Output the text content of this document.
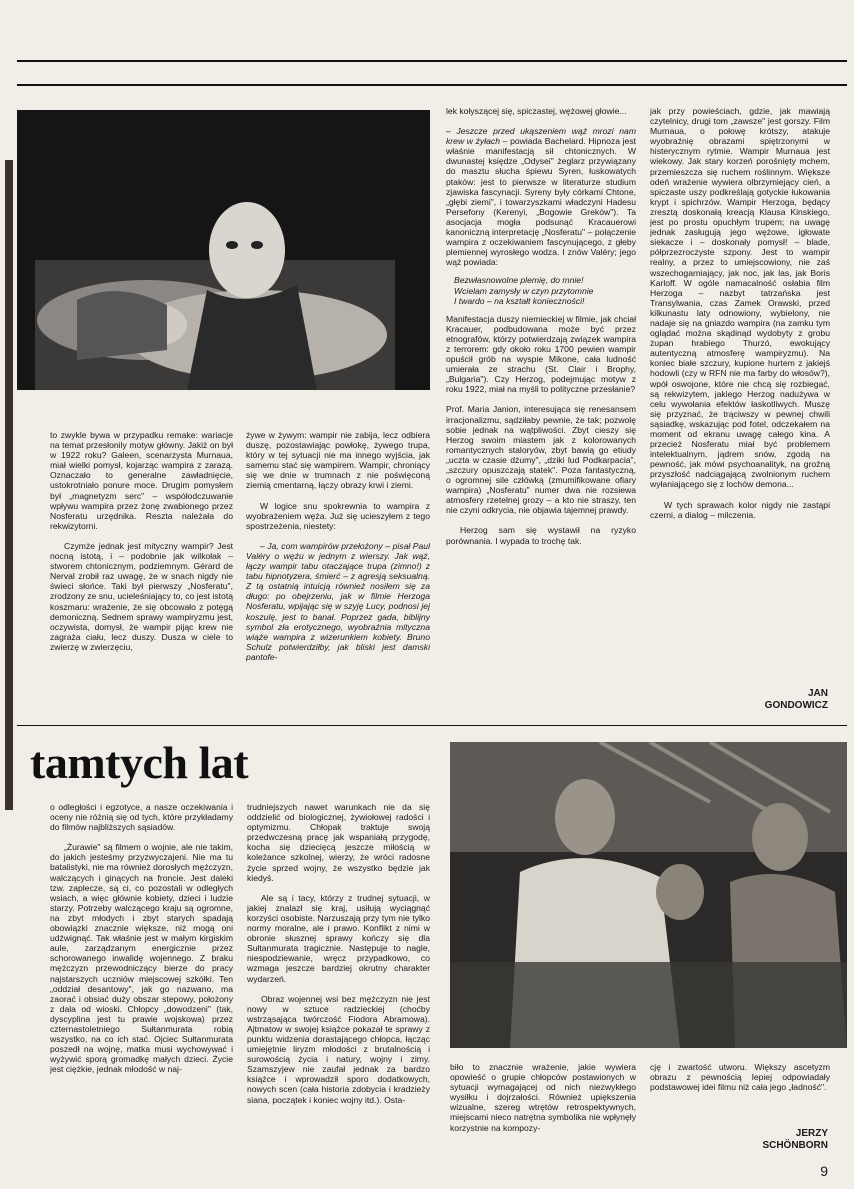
to zwykle bywa w przypadku remake: wariacje na temat przesłonily motyw główny. Jakiż on był w 1922 roku? Galeen, scenarzysta Murnaua, miał wielki pomysł, kojarząc wampira z zarazą. Oznaczało to generalne zawładnięcie, ustokrotniało ponure moce. Drugim pomysłem był „magnetyzm serc" – współodczuwanie wpływu wampira przez żonę zwabionego przez Nosferatu urzędnika. Reszta należała do rekwizytorni.

Czymże jednak jest mityczny wampir? Jest nocną istotą, i – podobnie jak wilkołak – stworem chtonicznym, podziemnym. Gérard de Nerval zrobił raz uwagę, że w snach nigdy nie świeci słońce. Taki był pierwszy „Nosferatu", zrodzony ze snu, ucieleśniający to, co jest istotą koszmaru: wrażenie, że się obcowało z potęgą demoniczną. Sednem sprawy wampiryzmu jest, oczywista, domysł, że wampir pijąc krew nie zagraża ciału, lecz duszy. Dusza w ciele to zwierzę w zwierzęciu,

żywe w żywym: wampir nie zabija, lecz odbiera duszę, pozostawiając powłokę, żywego trupa, który w tej sytuacji nie ma innego wyjścia, jak samemu stać się wampirem. Wampir, chroniący się we dnie w trumnach z nie poświęconą ziemią cmentarną, łączy obrazy krwi i ziemi.

W logice snu spokrewnia to wampira z wyobrażeniem węża. Już się ucieszyłem z tego spostrzeżenia, niestety:

– Ja, com wampirów przełożony – pisał Paul Valéry o wężu w jednym z wierszy. Jak wąż, łączy wampir tabu otaczające trupa (zimno!) z tabu hipnotyzera, śmierć – z agresją seksualną. Z tą ostatnią intuicją również nosiłem się za długo: po obejrzeniu, jak w filmie Herzoga Nosferatu, wpijając się w szyję Lucy, podnosi jej koszulę, jest to banał. Poprzez gada, biblijny symbol zła erotycznego, wyobraźnia mityczna wiąże wampira z wizerunkiem kobiety. Bruno Schulz potwierdziłby, jak bliski jest damski pantofe-

lek kołyszącej się, spiczastej, wężowej głowie...

– Jeszcze przed ukąszeniem wąż mrozi nam krew w żyłach – powiada Bachelard. Hipnoza jest właśnie manifestacją sił chtonicznych. W dwunastej księdze „Odysei" żeglarz przywiązany do masztu słucha śpiewu Syren, łuskowatych ptaków: jest to pierwsze w literaturze studium zjawiska fascynacji. Syreny były córkami Chtone, „głębi ziemi", i towarzyszkami władczyni Hadesu Persefony (Kerenyi, „Bogowie Greków"). Ta asocjacja mogła podsunąć Kracauerowi kanoniczną interpretację „Nosferatu" – połączenie wampira z oczekiwaniem fascynującego, z głeby plemiennej wyrosłego wodza. I znów Valéry; jego wąż powiada:

Bezwłasnowolne plemię, do mnie!
Wcielam zamysły w czyn przytomnie
I twardo – na kształt konieczności!

Manifestacja duszy niemieckiej w filmie, jak chciał Kracauer, podbudowana może być przez etnografów, którzy potwierdzają związek wampira z terrorem: gdy około roku 1700 pewien wampir opuścił grób na wyspie Mikone, cała ludność umierała ze strachu (St. Clair i Brophy, „Bulgaria"). Czy Herzog, podejmując motyw z roku 1922, miał na myśli to polityczne przesłanie?

Prof. Maria Janion, interesująca się renesansem irracjonalizmu, sądziłaby pewnie, że tak; pozwolę sobie jednak na wątpliwości. Zbyt cieszy się Herzog swoim miastem jak z kolorowanych romantycznych staloryów, zbyt bawią go etiudy „uczta w czasie dżumy", „dziki lud Podkarpacia", „szczury opuszczają statek". Poza fantastyczną, o ogromnej sile człówką (zmumifikowane ofiary wampira) „Nosferatu" numer dwa nie rozsiewa atmosfery rzetelnej grozy – a kto nie straszy, ten nie czyni odkrycia, nie objawia tajemnej prawdy.

Herzog sam się wystawił na ryzyko porównania. I wypada to trochę tak.

jak przy powieściach, gdzie, jak mawiają czytelnicy, drugi tom „zawsze" jest gorszy. Film Murnaua, o połowę krótszy, atakuje wyobraźnię obrazami spiętrzonymi w histerycznym rytmie. Wampir Murnaua jest wiekowy. Jak stary korzeń porośnięty mchem, przemieszcza się ruchem roślinnym. Większe odeń wrażenie wywiera olbrzymiejący cień, a spiczaste uszy podkreślają gotyckie łukowania krypt i spichrzów. Wampir Herzoga, będący zresztą doskonałą kreacją Klausa Kinskiego, jest po prostu opuchłym trupem; na uwagę jednak zasługują jego wężowe, igłowate siekacze i – doskonały pomysł! – blade, półprzezroczyste szpony. Jest to wampir realny, a przez to umiejscowiony, nie zaś wszechogarniający, jak noc, jak las, jak Boris Karloff. W ogóle namacalność osłabia film Herzoga – nazbyt tatrzańska jest Transylwania, czas Zamek Orawski, przed kilkunastu laty odnowiony, wybielony, nie nadaje się na gniazdo wampira (na zamku tym oglądać można skądinąd wydobyty z grobu żupan hrabiego Thurzó, ewokujący autentyczną atmosferę wampiryzmu). Na koniec białe szczury, kupione hurtem z jakiejś hodowli (czy w RFN nie ma farby do włosów?), wpół oswojone, które nie chcą się rozbiegać, są rekwizytem, jakiego Herzog nadużywa w celu wywołania efektów łaskotliwych. Muszę się przyznać, że trąciwszy w pewnej chwili sąsiadkę, wskazując pod fotel, odczekałem na moment od ekranu uwagę całego kina. A przecież Nosferatu miał być problemem intelektualnym, jądrem snów, zgodą na pewność, jak mówi psychoanalityk, na groźną przyszłość nadciągającą zwolnionym ruchem wyłaniającego się z lochów demona...

W tych sprawach kolor nigdy nie zastąpi czerni, a dialog – milczenia.

JAN
GONDOWICZ
tamtych lat

o odległości i egzotyce, a nasze oczekiwania i oceny nie różnią się od tych, które przykładamy do filmów najbliższych sąsiadów.

„Żurawie" są filmem o wojnie, ale nie takim, do jakich jesteśmy przyzwyczajeni. Nie ma tu batalistyki, nie ma również dorosłych mężczyzn, walczących i ginących na froncie. Jest daleki tzw. zaplecze, są ci, co pozostali w odległych wsiach, a więc głównie kobiety, dzieci i ludzie starzy. Potrzeby walczącego kraju są ogromne, na zbyt młodych i zbyt starych spadają obowiązki znacznie większe, niż mogą oni udźwignąć. Tak właśnie jest w małym kirgiskim aule, zarządzanym energicznie przez schorowanego inwalidę wojennego. Z braku mężczyzn przewodniczący bierze do pracy najstarszych uczniów miejscowej szkółki. Ten „oddział desantowy", jak go nazwano, ma zaorać i obsiać duży obszar stepowy, położony z dala od wioski. Chłopcy „dowodzeni" (tak, dyscyplina jest tu prawie wojskowa) przez czternastoletniego Sułtanmurata robią wszystko, na co ich stać. Ojciec Sułtanmurata poszedł na wojnę, matka musi wychowywać i wyżywić sporą gromadkę małych dzieci. Życie jest ciężkie, jednak młodość w naj-

trudniejszych nawet warunkach nie da się oddzielić od biologicznej, żywiołowej radości i optymizmu. Chłopak traktuje swoją przedwczesną pracę jak wspaniałą przygodę, kocha się dziecięcą jeszcze miłością w koleżance szkolnej, wierzy, że wróci radosne życie sprzed wojny, że wszystko będzie jak kiedyś.

Ale są i tacy, którzy z trudnej sytuacji, w jakiej znalazł się kraj, usiłują wyciągnąć korzyści osobiste. Narzuszają przy tym nie tylko normy moralne, ale i prawo. Konflikt z nimi w obronie słusznej sprawy kończy się dla Sułtanmurata tragicznie. Następuje to nagle, niespodziewanie, wręcz przypadkowo, co wzmaga jeszcze bardziej okrutny charakter wydarzeń.

Obraz wojennej wsi bez mężczyzn nie jest nowy w sztuce radzieckiej (choćby wstrząsająca twórczość Fiodora Abramowa). Ajtmatow w swojej książce pokazał te sprawy z punktu widzenia dorastającego chłopca, łącząc umiejętnie liryzm młodości z brutalnością i surowością życia i natury, wojny i zimy. Szamszyjew nie zaufał jednak za bardzo książce i wprowadził sporo dodatkowych, nowych scen (cała historia zdobycia i kradzieży siana, początek i koniec wojny itd.). Osta-

biło to znacznie wrażenie, jakie wywiera opowieść o grupie chłopców postawionych w sytuacji wymagającej od nich niezwykłego wysiłku i dojrzałości. Również upiększenia wizualne, szereg wtrętów retrospektywnych, miejscami nieco natrętna symbolika nie wpłynęły korzystnie na kompozy-

cję i zwartość utworu. Większy ascetyzm obrazu z pewnością lepiej odpowiadały podstawowej idei filmu niż cała jego „ładność".

JERZY
SCHÖNBORN
9
